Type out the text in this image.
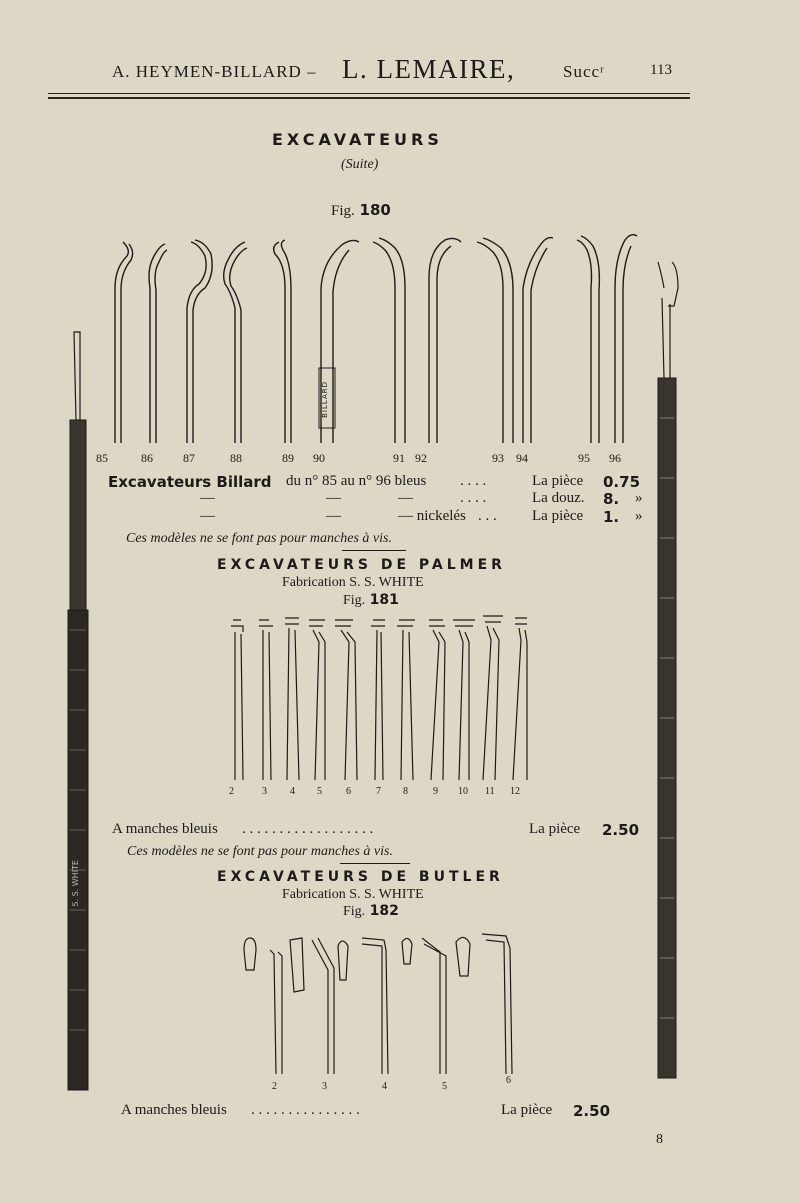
A. HEYMEN-BILLARD – L. LEMAIRE,	Succʳ	113
EXCAVATEURS
(Suite)
Fig. 180
BILLARD
85	86	87	88	89 90	91 92	93 94	95 96
Excavateurs Billard du n° 85 au n° 96 bleus . . . .	La pièce 0.75
—	—	—	. . . .	La douz. 8. »
—	—	— nickelés . . . La pièce 1. »
Ces modèles ne se font pas pour manches à vis.
EXCAVATEURS DE PALMER
Fabrication S. S. WHITE
Fig. 181
2	3 4 5 6	7 8	9 10 11 12
A manches bleuis . . . . . . . . . . . . . . . . . .	La pièce 2.50
Ces modèles ne se font pas pour manches à vis.
EXCAVATEURS DE BUTLER
Fabrication S. S. WHITE
Fig. 182
2	3	4	5
6
A manches bleuis . . . . . . . . . . . . . . .	La pièce 2.50
S. S. WHITE
8
